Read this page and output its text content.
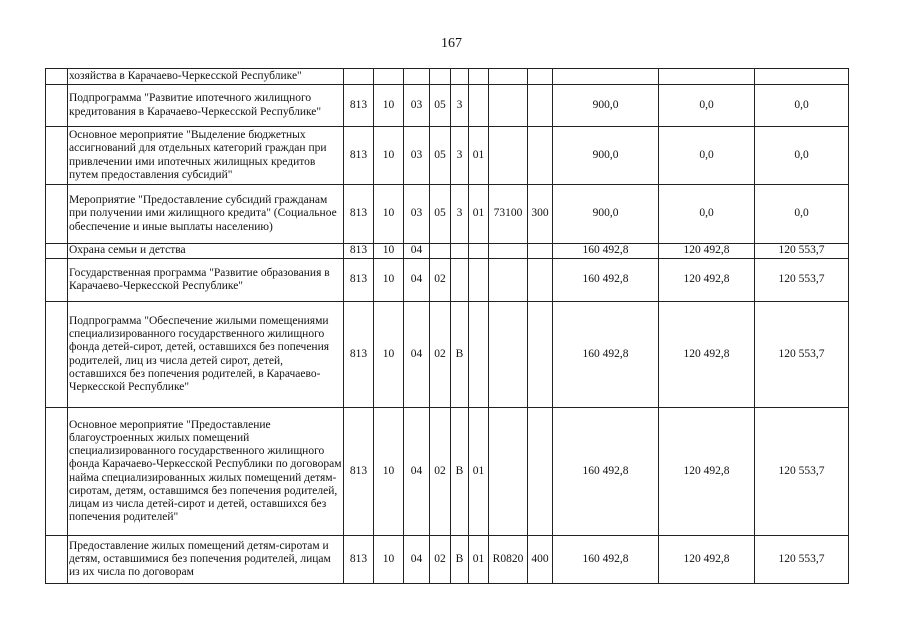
167
	хозяйства в Карачаево-Черкесской Республике"											
	Подпрограмма "Развитие ипотечного жилищного кредитования в Карачаево-Черкесской Республике"	813	10	03	05	3				900,0	0,0	0,0
	Основное мероприятие "Выделение бюджетных ассигнований для отдельных категорий граждан при привлечении ими ипотечных жилищных кредитов путем предоставления субсидий"	813	10	03	05	3	01			900,0	0,0	0,0
	Мероприятие "Предоставление субсидий гражданам при получении ими жилищного кредита" (Социальное обеспечение и иные выплаты населению)	813	10	03	05	3	01	73100	300	900,0	0,0	0,0
	Охрана семьи и детства	813	10	04						160 492,8	120 492,8	120 553,7
	Государственная программа "Развитие образования в Карачаево-Черкесской Республике"	813	10	04	02					160 492,8	120 492,8	120 553,7
	Подпрограмма "Обеспечение жилыми помещениями специализированного государственного жилищного фонда детей-сирот, детей, оставшихся без попечения родителей, лиц из числа детей сирот, детей, оставшихся без попечения родителей, в Карачаево-Черкесской Республике"	813	10	04	02	В				160 492,8	120 492,8	120 553,7
	Основное мероприятие "Предоставление благоустроенных жилых помещений специализированного государственного жилищного фонда Карачаево-Черкесской Республики по договорам найма специализированных жилых помещений детям-сиротам, детям, оставшимся без попечения родителей, лицам из числа детей-сирот и детей, оставшихся без попечения родителей"	813	10	04	02	В	01			160 492,8	120 492,8	120 553,7
	Предоставление жилых помещений детям-сиротам и детям, оставшимися без попечения родителей, лицам из их числа по договорам	813	10	04	02	В	01	R0820	400	160 492,8	120 492,8	120 553,7
